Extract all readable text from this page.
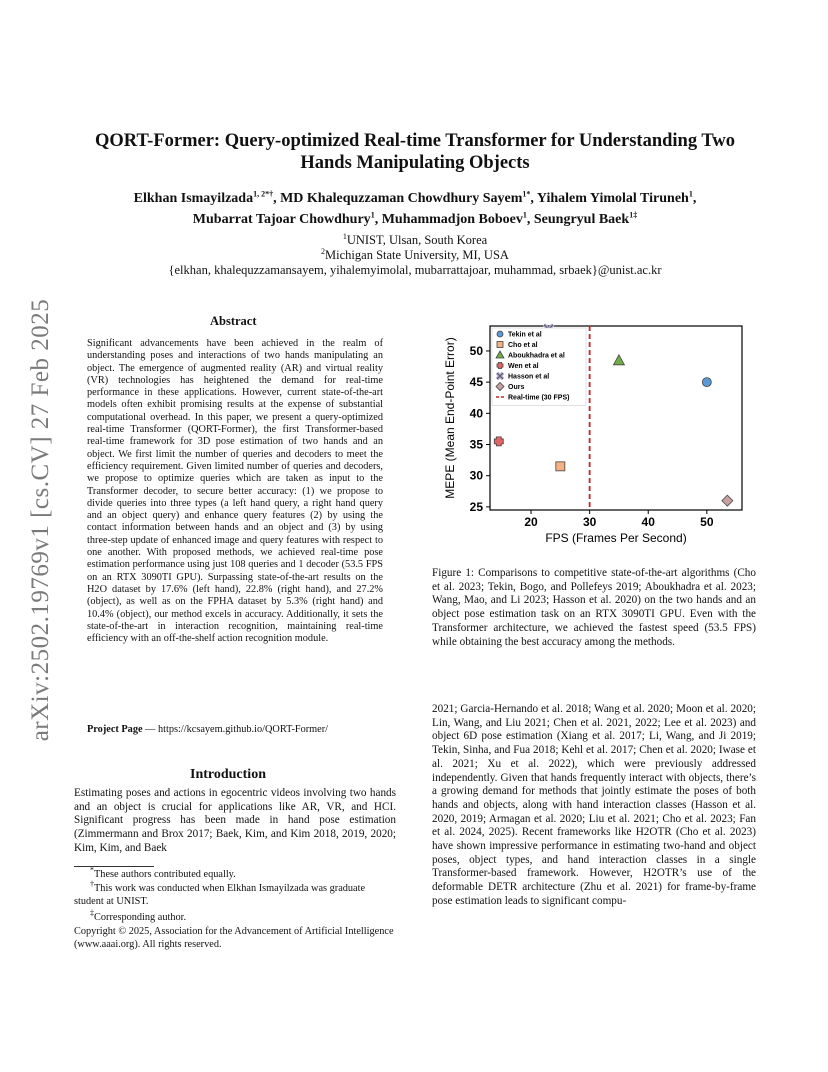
arXiv:2502.19769v1 [cs.CV] 27 Feb 2025
QORT-Former: Query-optimized Real-time Transformer for Understanding Two
Hands Manipulating Objects
Elkhan Ismayilzada$^{1, 2*\dagger}$, MD Khalequzzaman Chowdhury Sayem$^{1*}$, Yihalem Yimolal Tiruneh$^1$,
Mubarrat Tajoar Chowdhury$^1$, Muhammadjon Boboev$^1$, Seungryul Baek$^{1\ddagger}$
$^1$UNIST, Ulsan, South Korea
$^2$Michigan State University, MI, USA
{elkhan, khalequzzamansayem, yihalemyimolal, mubarrattajoar, muhammad, srbaek}@unist.ac.kr
Abstract
Significant advancements have been achieved in the realm of understanding poses and interactions of two hands manipulating an object. The emergence of augmented reality (AR) and virtual reality (VR) technologies has heightened the demand for real-time performance in these applications. However, current state-of-the-art models often exhibit promising results at the expense of substantial computational overhead. In this paper, we present a query-optimized real-time Transformer (QORT-Former), the first Transformer-based real-time framework for 3D pose estimation of two hands and an object. We first limit the number of queries and decoders to meet the efficiency requirement. Given limited number of queries and decoders, we propose to optimize queries which are taken as input to the Transformer decoder, to secure better accuracy: (1) we propose to divide queries into three types (a left hand query, a right hand query and an object query) and enhance query features (2) by using the contact information between hands and an object and (3) by using three-step update of enhanced image and query features with respect to one another. With proposed methods, we achieved real-time pose estimation performance using just 108 queries and 1 decoder (53.5 FPS on an RTX 3090TI GPU). Surpassing state-of-the-art results on the H2O dataset by 17.6% (left hand), 22.8% (right hand), and 27.2% (object), as well as on the FPHA dataset by 5.3% (right hand) and 10.4% (object), our method excels in accuracy. Additionally, it sets the state-of-the-art in interaction recognition, maintaining real-time efficiency with an off-the-shelf action recognition module.
Project Page — https://kcsayem.github.io/QORT-Former/
Introduction
Estimating poses and actions in egocentric videos involving two hands and an object is crucial for applications like AR, VR, and HCI. Significant progress has been made in hand pose estimation (Zimmermann and Brox 2017; Baek, Kim, and Kim 2018, 2019, 2020; Kim, Kim, and Baek
*These authors contributed equally.
†This work was conducted when Elkhan Ismayilzada was graduate student at UNIST.
‡Corresponding author.
Copyright © 2025, Association for the Advancement of Artificial Intelligence (www.aaai.org). All rights reserved.
20	30	40	50
25
30
35
40
45
50
FPS (Frames Per Second)
MEPE (Mean End-Point Error)
Tekin et al
Cho et al
Aboukhadra et al
Wen et al
Hasson et al
Ours
Real-time (30 FPS)
Figure 1: Comparisons to competitive state-of-the-art algorithms (Cho et al. 2023; Tekin, Bogo, and Pollefeys 2019; Aboukhadra et al. 2023; Wang, Mao, and Li 2023; Hasson et al. 2020) on the two hands and an object pose estimation task on an RTX 3090TI GPU. Even with the Transformer architecture, we achieved the fastest speed (53.5 FPS) while obtaining the best accuracy among the methods.
2021; Garcia-Hernando et al. 2018; Wang et al. 2020; Moon et al. 2020; Lin, Wang, and Liu 2021; Chen et al. 2021, 2022; Lee et al. 2023) and object 6D pose estimation (Xiang et al. 2017; Li, Wang, and Ji 2019; Tekin, Sinha, and Fua 2018; Kehl et al. 2017; Chen et al. 2020; Iwase et al. 2021; Xu et al. 2022), which were previously addressed independently. Given that hands frequently interact with objects, there’s a growing demand for methods that jointly estimate the poses of both hands and objects, along with hand interaction classes (Hasson et al. 2020, 2019; Armagan et al. 2020; Liu et al. 2021; Cho et al. 2023; Fan et al. 2024, 2025). Recent frameworks like H2OTR (Cho et al. 2023) have shown impressive performance in estimating two-hand and object poses, object types, and hand interaction classes in a single Transformer-based framework. However, H2OTR’s use of the deformable DETR architecture (Zhu et al. 2021) for frame-by-frame pose estimation leads to significant compu-
